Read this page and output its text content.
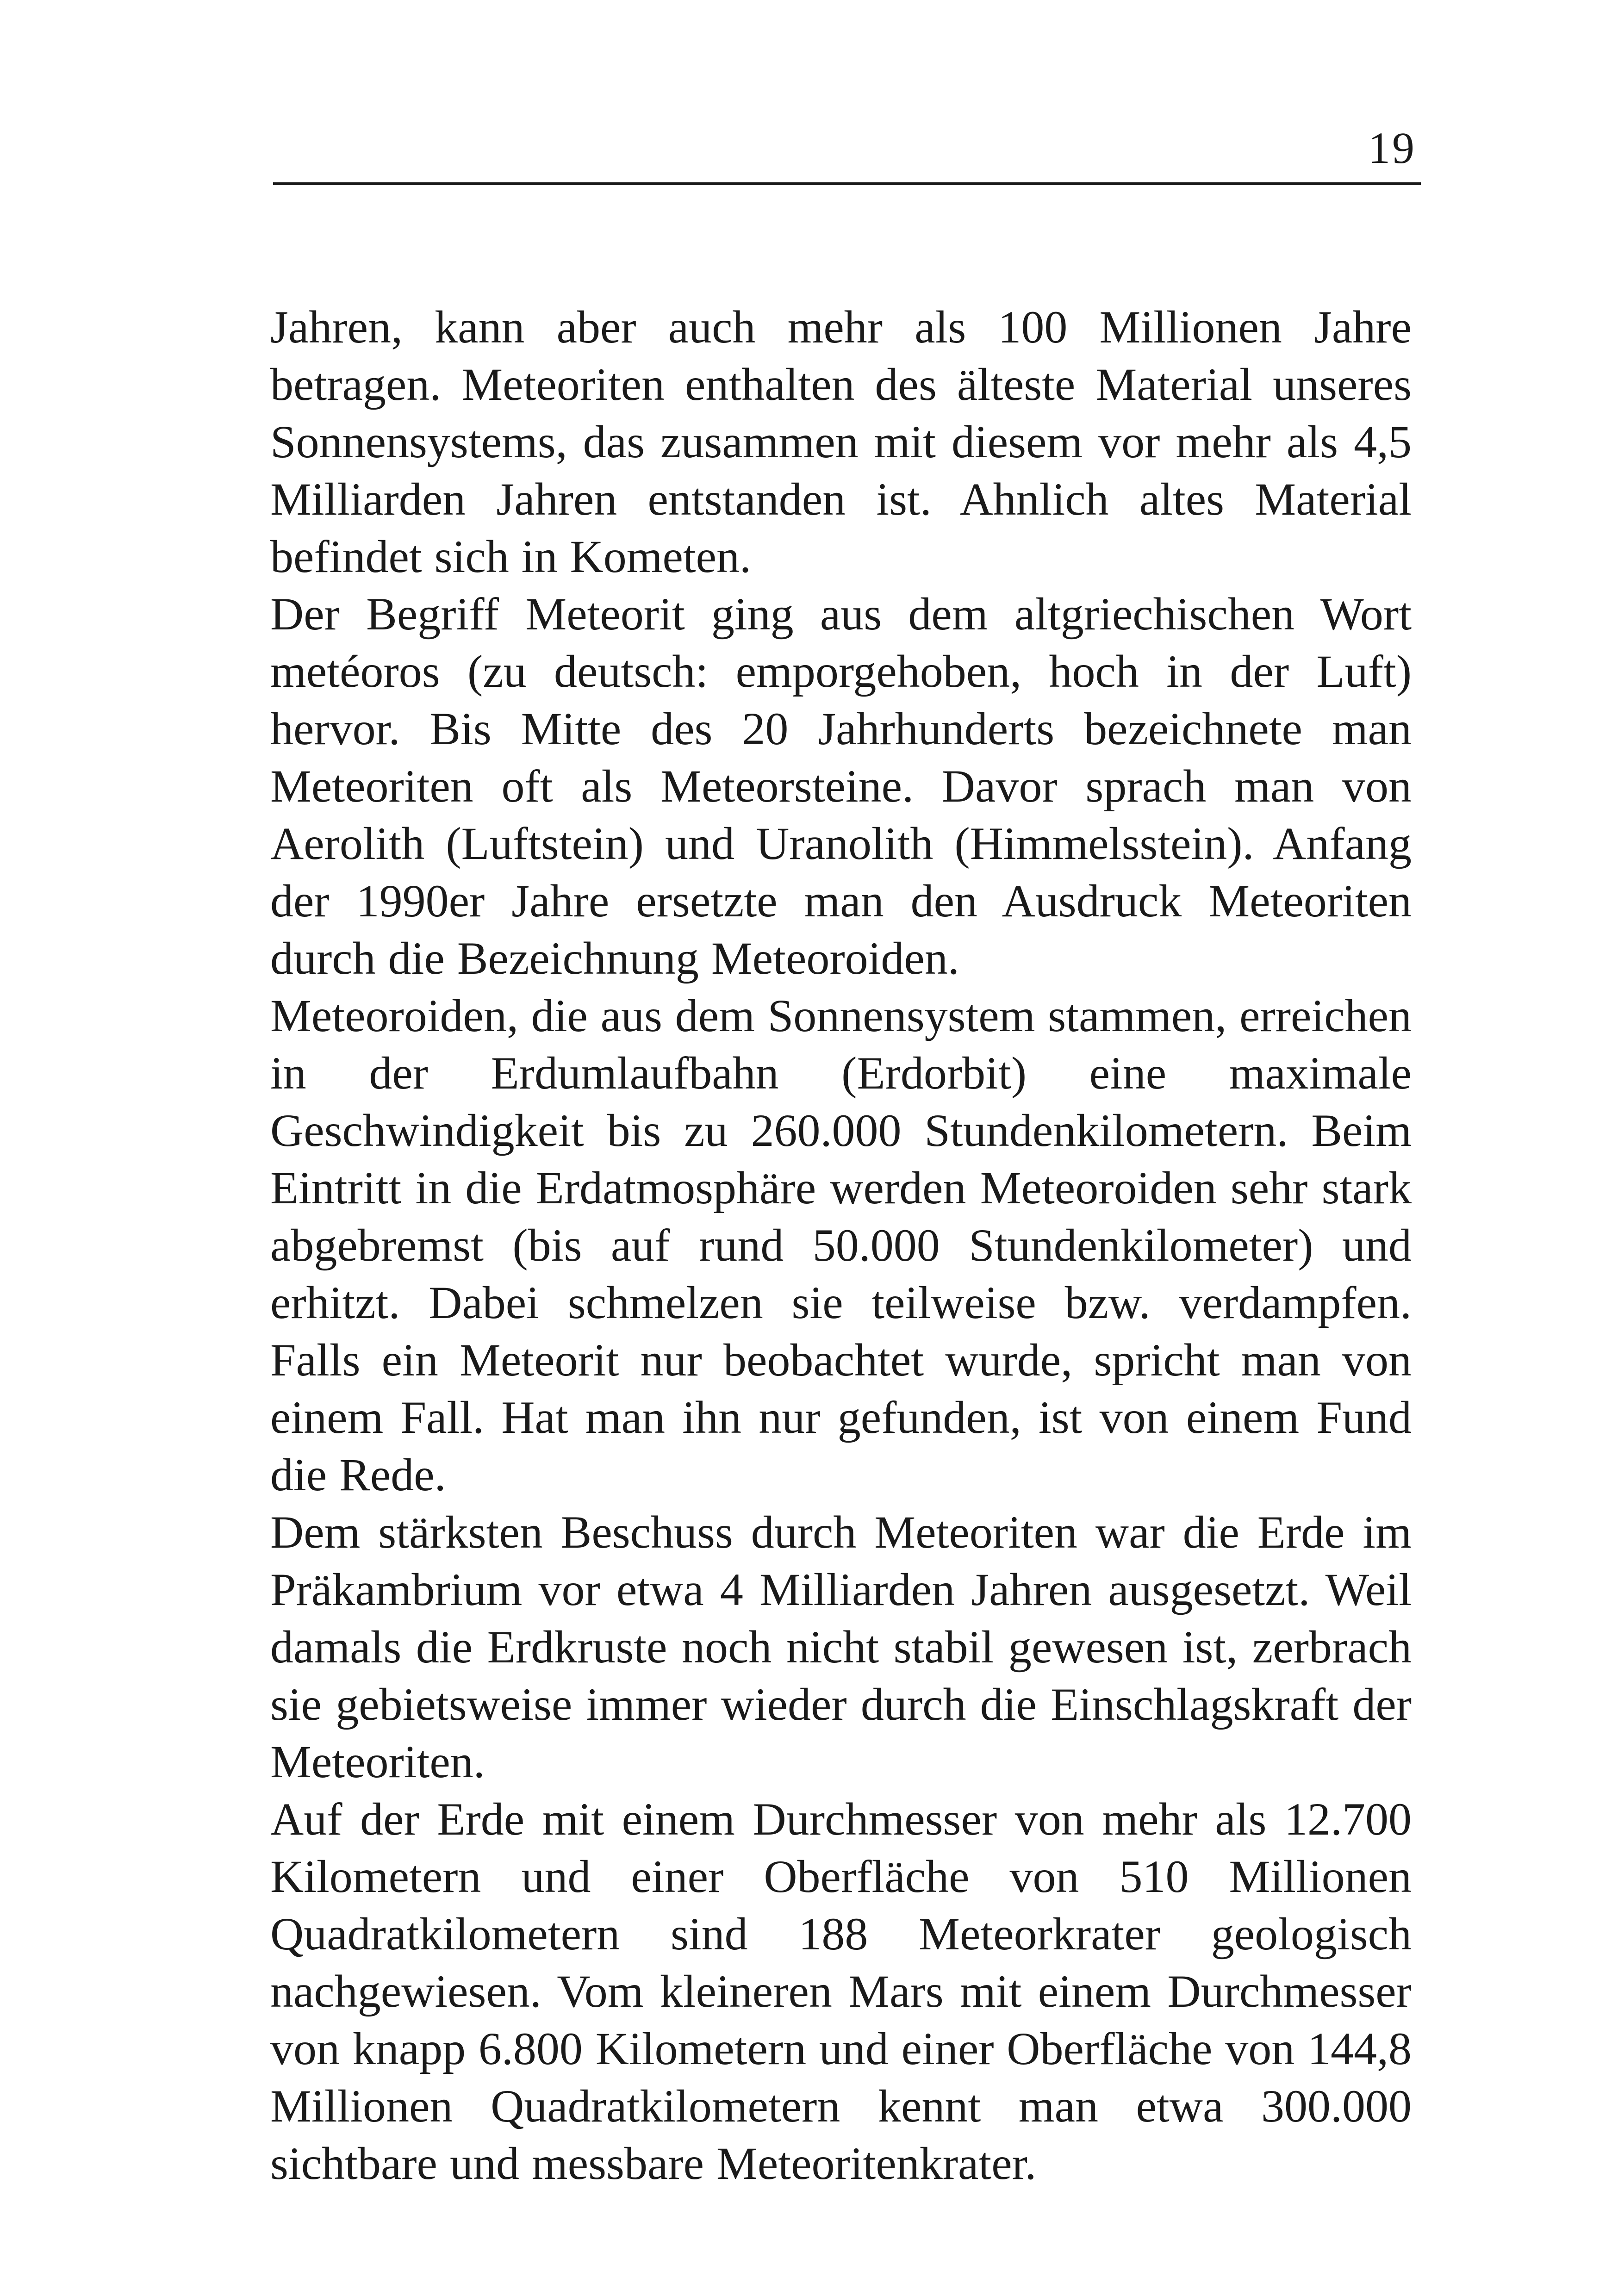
19

Jahren, kann aber auch mehr als 100 Millionen Jahre betragen. Meteoriten enthalten des älteste Material unseres Sonnensystems, das zusammen mit diesem vor mehr als 4,5 Milliarden Jahren entstanden ist. Ahnlich altes Material befindet sich in Kometen.

Der Begriff Meteorit ging aus dem altgriechischen Wort metéoros (zu deutsch: emporgehoben, hoch in der Luft) hervor. Bis Mitte des 20 Jahrhunderts bezeichnete man Meteoriten oft als Meteorsteine. Davor sprach man von Aerolith (Luftstein) und Uranolith (Himmelsstein). Anfang der 1990er Jahre ersetzte man den Ausdruck Meteoriten durch die Bezeichnung Meteoroiden.

Meteoroiden, die aus dem Sonnensystem stammen, erreichen in der Erdumlaufbahn (Erdorbit) eine maximale Geschwindigkeit bis zu 260.000 Stundenkilometern. Beim Eintritt in die Erdatmosphäre werden Meteoroiden sehr stark abgebremst (bis auf rund 50.000 Stundenkilometer) und erhitzt. Dabei schmelzen sie teilweise bzw. verdampfen. Falls ein Meteorit nur beobachtet wurde, spricht man von einem Fall. Hat man ihn nur gefunden, ist von einem Fund die Rede.

Dem stärksten Beschuss durch Meteoriten war die Erde im Präkambrium vor etwa 4 Milliarden Jahren ausgesetzt. Weil damals die Erdkruste noch nicht stabil gewesen ist, zerbrach sie gebietsweise immer wieder durch die Einschlagskraft der Meteoriten.

Auf der Erde mit einem Durchmesser von mehr als 12.700 Kilometern und einer Oberfläche von 510 Millionen Quadratkilometern sind 188 Meteorkrater geologisch nachgewiesen. Vom kleineren Mars mit einem Durchmesser von knapp 6.800 Kilometern und einer Oberfläche von 144,8 Millionen Quadratkilometern kennt man etwa 300.000 sichtbare und messbare Meteoritenkrater.
